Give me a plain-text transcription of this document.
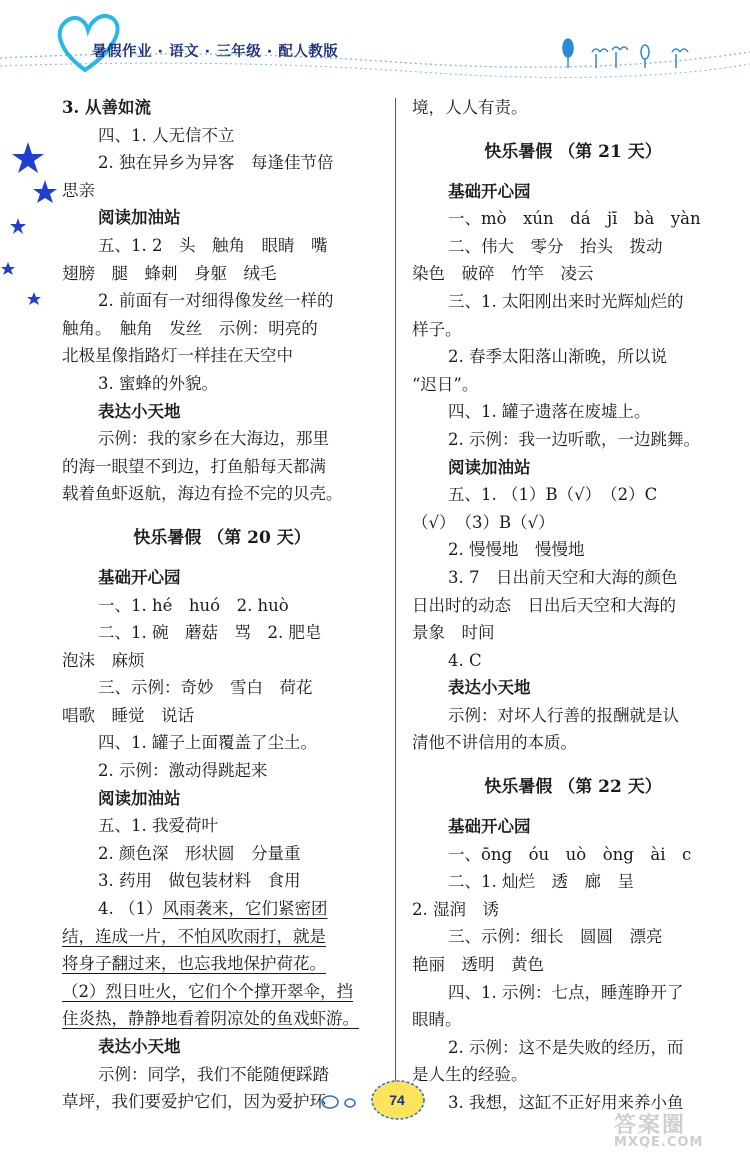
暑假作业 · 语文 · 三年级 · 配人教版
3. 从善如流
四、1. 人无信不立
2. 独在异乡为异客　每逢佳节倍
思亲
阅读加油站
五、1. 2　头　触角　眼睛　嘴
翅膀　腿　蜂刺　身躯　绒毛
2. 前面有一对细得像发丝一样的
触角。　触角　发丝　示例：明亮的
北极星像指路灯一样挂在天空中
3. 蜜蜂的外貌。
表达小天地
示例：我的家乡在大海边，那里
的海一眼望不到边，打鱼船每天都满
载着鱼虾返航，海边有捡不完的贝壳。
快乐暑假 （第 20 天）
基础开心园
一、1. hé　huó　2. huò
二、1. 碗　蘑菇　骂　2. 肥皂
泡沫　麻烦
三、示例：奇妙　雪白　荷花
唱歌　睡觉　说话
四、1. 罐子上面覆盖了尘土。
2. 示例：激动得跳起来
阅读加油站
五、1. 我爱荷叶
2. 颜色深　形状圆　分量重
3. 药用　做包装材料　食用
4. （1）风雨袭来，它们紧密团
结，连成一片，不怕风吹雨打，就是
将身子翻过来，也忘我地保护荷花。
（2）烈日吐火，它们个个撑开翠伞，挡
住炎热，静静地看着阴凉处的鱼戏虾游。
表达小天地
示例：同学，我们不能随便踩踏
草坪，我们要爱护它们，因为爱护环
境，人人有责。
快乐暑假 （第 21 天）
基础开心园
一、mò　xún　dá　jī　bà　yàn
二、伟大　零分　抬头　拨动
染色　破碎　竹竿　凌云
三、1. 太阳刚出来时光辉灿烂的
样子。
2. 春季太阳落山渐晚，所以说
“迟日”。
四、1. 罐子遗落在废墟上。
2. 示例：我一边听歌，一边跳舞。
阅读加油站
五、1. （1）B（√）　（2）C
（√）　（3）B（√）
2. 慢慢地　慢慢地
3. 7　日出前天空和大海的颜色
日出时的动态　日出后天空和大海的
景象　时间
4. C
表达小天地
示例：对坏人行善的报酬就是认
清他不讲信用的本质。
快乐暑假 （第 22 天）
基础开心园
一、ōng　óu　uò　òng　ài　c
二、1. 灿烂　透　廊　呈
2. 湿润　诱
三、示例：细长　圆圆　漂亮
艳丽　透明　黄色
四、1. 示例：七点，睡莲睁开了
眼睛。
2. 示例：这不是失败的经历，而
是人生的经验。
3. 我想，这缸不正好用来养小鱼
74
答案圈
MXQE.COM
